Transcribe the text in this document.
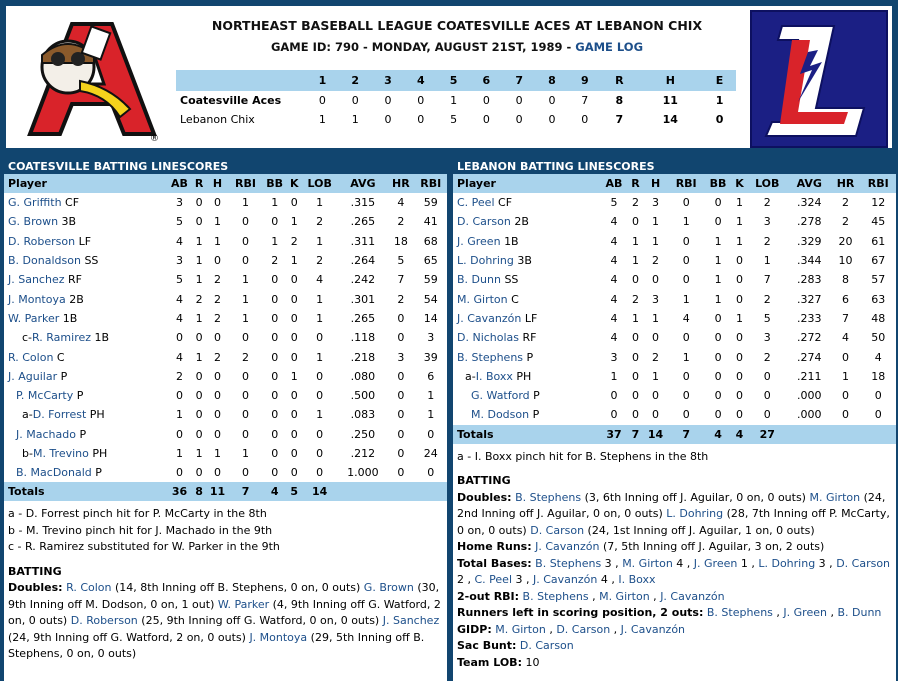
®
NORTHEAST BASEBALL LEAGUE COATESVILLE ACES AT LEBANON CHIX
GAME ID: 790 - MONDAY, AUGUST 21ST, 1989 - GAME LOG
	1	2	3	4	5	6	7	8	9	R	H	E
Coatesville Aces	0	0	0	0	1	0	0	0	7	8	11	1
Lebanon Chix	1	1	0	0	5	0	0	0	0	7	14	0
COATESVILLE BATTING LINESCORES
Player	AB	R	H	RBI	BB	K	LOB	AVG	HR	RBI
G. Griffith CF	3	0	0	1	1	0	1	.315	4	59
G. Brown 3B	5	0	1	0	0	1	2	.265	2	41
D. Roberson LF	4	1	1	0	1	2	1	.311	18	68
B. Donaldson SS	3	1	0	0	2	1	2	.264	5	65
J. Sanchez RF	5	1	2	1	0	0	4	.242	7	59
J. Montoya 2B	4	2	2	1	0	0	1	.301	2	54
W. Parker 1B	4	1	2	1	0	0	1	.265	0	14
c-R. Ramirez 1B	0	0	0	0	0	0	0	.118	0	3
R. Colon C	4	1	2	2	0	0	1	.218	3	39
J. Aguilar P	2	0	0	0	0	1	0	.080	0	6
P. McCarty P	0	0	0	0	0	0	0	.500	0	1
a-D. Forrest PH	1	0	0	0	0	0	1	.083	0	1
J. Machado P	0	0	0	0	0	0	0	.250	0	0
b-M. Trevino PH	1	1	1	1	0	0	0	.212	0	24
B. MacDonald P	0	0	0	0	0	0	0	1.000	0	0
Totals	36	8	11	7	4	5	14			
a - D. Forrest pinch hit for P. McCarty in the 8th
b - M. Trevino pinch hit for J. Machado in the 9th
c - R. Ramirez substituted for W. Parker in the 9th
BATTING
Doubles: R. Colon (14, 8th Inning off B. Stephens, 0 on, 0 outs) G. Brown (30, 9th Inning off M. Dodson, 0 on, 1 out) W. Parker (4, 9th Inning off G. Watford, 2 on, 0 outs) D. Roberson (25, 9th Inning off G. Watford, 0 on, 0 outs) J. Sanchez (24, 9th Inning off G. Watford, 2 on, 0 outs) J. Montoya (29, 5th Inning off B. Stephens, 0 on, 0 outs)
LEBANON BATTING LINESCORES
Player	AB	R	H	RBI	BB	K	LOB	AVG	HR	RBI
C. Peel CF	5	2	3	0	0	1	2	.324	2	12
D. Carson 2B	4	0	1	1	0	1	3	.278	2	45
J. Green 1B	4	1	1	0	1	1	2	.329	20	61
L. Dohring 3B	4	1	2	0	1	0	1	.344	10	67
B. Dunn SS	4	0	0	0	1	0	7	.283	8	57
M. Girton C	4	2	3	1	1	0	2	.327	6	63
J. Cavanzón LF	4	1	1	4	0	1	5	.233	7	48
D. Nicholas RF	4	0	0	0	0	0	3	.272	4	50
B. Stephens P	3	0	2	1	0	0	2	.274	0	4
a-I. Boxx PH	1	0	1	0	0	0	0	.211	1	18
G. Watford P	0	0	0	0	0	0	0	.000	0	0
M. Dodson P	0	0	0	0	0	0	0	.000	0	0
Totals	37	7	14	7	4	4	27			
a - I. Boxx pinch hit for B. Stephens in the 8th
BATTING
Doubles: B. Stephens (3, 6th Inning off J. Aguilar, 0 on, 0 outs) M. Girton (24, 2nd Inning off J. Aguilar, 0 on, 0 outs) L. Dohring (28, 7th Inning off P. McCarty, 0 on, 0 outs) D. Carson (24, 1st Inning off J. Aguilar, 1 on, 0 outs)
Home Runs: J. Cavanzón (7, 5th Inning off J. Aguilar, 3 on, 2 outs)
Total Bases: B. Stephens 3 , M. Girton 4 , J. Green 1 , L. Dohring 3 , D. Carson 2 , C. Peel 3 , J. Cavanzón 4 , I. Boxx
2-out RBI: B. Stephens , M. Girton , J. Cavanzón
Runners left in scoring position, 2 outs: B. Stephens , J. Green , B. Dunn
GIDP: M. Girton , D. Carson , J. Cavanzón
Sac Bunt: D. Carson
Team LOB: 10
